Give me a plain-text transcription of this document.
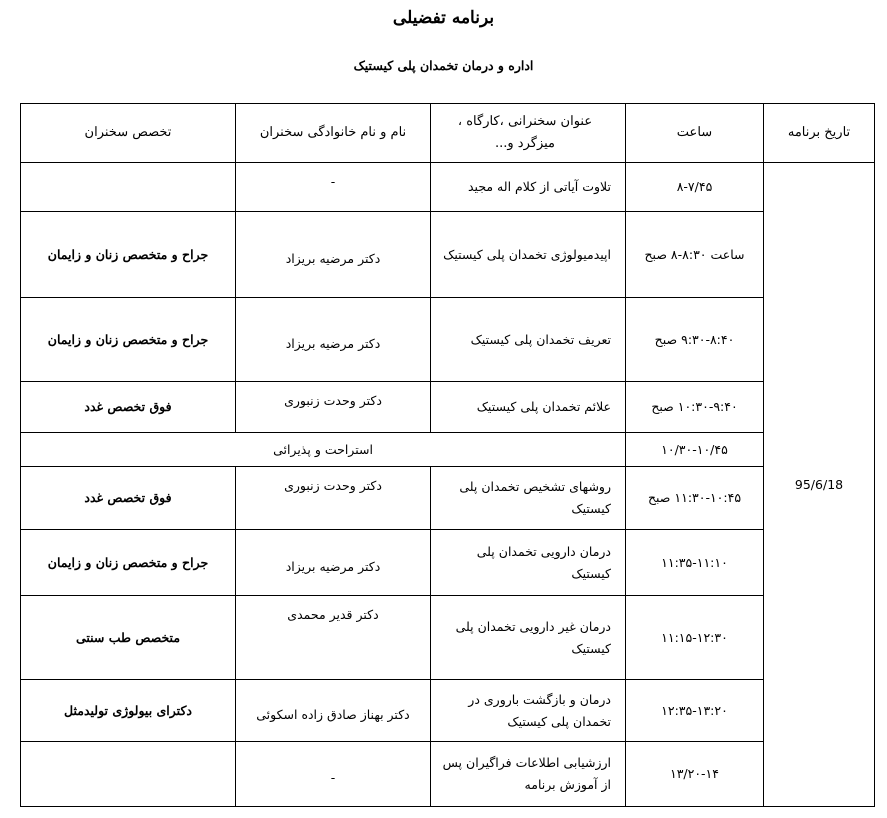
برنامه تفضیلی
اداره و درمان تخمدان پلی کیستیک
تاریخ برنامه	ساعت	عنوان سخنرانی ،کارگاه ، میزگرد و...	نام و نام خانوادگی سخنران	تخصص سخنران
95/6/18	۸-۷/۴۵	تلاوت آیاتی از کلام اله مجید	-	
	ساعت ۸:۳۰-۸ صبح	اپیدمیولوژی تخمدان پلی کیستیک	دکتر مرضیه بریزاد	جراح و متخصص زنان و زایمان
	۹:۳۰-۸:۴۰ صبح	تعریف تخمدان پلی کیستیک	دکتر مرضیه بریزاد	جراح و متخصص زنان و زایمان
	۱۰:۳۰-۹:۴۰ صبح	علائم تخمدان پلی کیستیک	دکتر وحدت زنبوری	فوق تخصص غدد
	۱۰/۳۰-۱۰/۴۵	استراحت و پذیرائی		
	۱۱:۳۰-۱۰:۴۵ صبح	روشهای تشخیص تخمدان پلی کیستیک	دکتر وحدت زنبوری	فوق تخصص غدد
	۱۱:۳۵-۱۱:۱۰	درمان دارویی تخمدان پلی کیستیک	دکتر مرضیه بریزاد	جراح و متخصص زنان و زایمان
	۱۱:۱۵-۱۲:۳۰	درمان غیر دارویی تخمدان پلی کیستیک	دکتر قدیر محمدی	متخصص طب سنتی
	۱۲:۳۵-۱۳:۲۰	درمان و بازگشت باروری در تخمدان پلی کیستیک	دکتر بهناز صادق زاده اسکوئی	دکترای بیولوژی تولیدمثل
	۱۳/۲۰-۱۴	ارزشیابی اطلاعات فراگیران پس از آموزش برنامه	-	
